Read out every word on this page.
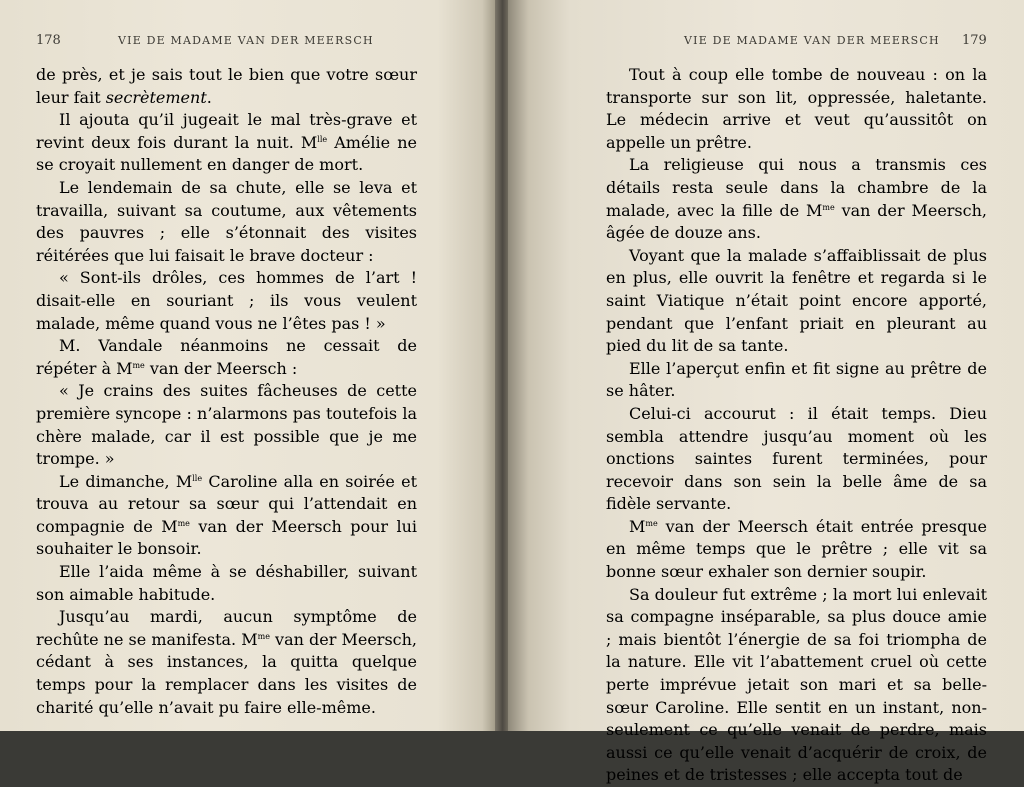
178	VIE DE MADAME VAN DER MEERSCH	VIE DE MADAME VAN DER MEERSCH 179

de près, et je sais tout le bien que votre sœur leur fait secrètement.

Il ajouta qu’il jugeait le mal très-grave et revint deux fois durant la nuit. $M^{lle}$ Amélie ne se croyait nullement en danger de mort.

Le lendemain de sa chute, elle se leva et travailla, suivant sa coutume, aux vêtements des pauvres ; elle s’étonnait des visites réitérées que lui faisait le brave docteur :

« Sont-ils drôles, ces hommes de l’art ! disait-elle en souriant ; ils vous veulent malade, même quand vous ne l’êtes pas ! »

M. Vandale néanmoins ne cessait de répéter à $M^{me}$ van der Meersch :

« Je crains des suites fâcheuses de cette première syncope : n’alarmons pas toutefois la chère malade, car il est possible que je me trompe. »

Le dimanche, $M^{lle}$ Caroline alla en soirée et trouva au retour sa sœur qui l’attendait en compagnie de $M^{me}$ van der Meersch pour lui souhaiter le bonsoir.

Elle l’aida même à se déshabiller, suivant son aimable habitude.

Jusqu’au mardi, aucun symptôme de rechûte ne se manifesta. $M^{me}$ van der Meersch, cédant à ses instances, la quitta quelque temps pour la remplacer dans les visites de charité qu’elle n’avait pu faire elle-même.

Tout à coup elle tombe de nouveau : on la transporte sur son lit, oppressée, haletante. Le médecin arrive et veut qu’aussitôt on appelle un prêtre.

La religieuse qui nous a transmis ces détails resta seule dans la chambre de la malade, avec la fille de $M^{me}$ van der Meersch, âgée de douze ans.

Voyant que la malade s’affaiblissait de plus en plus, elle ouvrit la fenêtre et regarda si le saint Viatique n’était point encore apporté, pendant que l’enfant priait en pleurant au pied du lit de sa tante.

Elle l’aperçut enfin et fit signe au prêtre de se hâter.

Celui-ci accourut : il était temps. Dieu sembla attendre jusqu’au moment où les onctions saintes furent terminées, pour recevoir dans son sein la belle âme de sa fidèle servante.

$M^{me}$ van der Meersch était entrée presque en même temps que le prêtre ; elle vit sa bonne sœur exhaler son dernier soupir.

Sa douleur fut extrême ; la mort lui enlevait sa compagne inséparable, sa plus douce amie ; mais bientôt l’énergie de sa foi triompha de la nature. Elle vit l’abattement cruel où cette perte imprévue jetait son mari et sa belle-sœur Caroline. Elle sentit en un instant, non-seulement ce qu’elle venait de perdre, mais aussi ce qu’elle venait d’acquérir de croix, de peines et de tristesses ; elle accepta tout de
